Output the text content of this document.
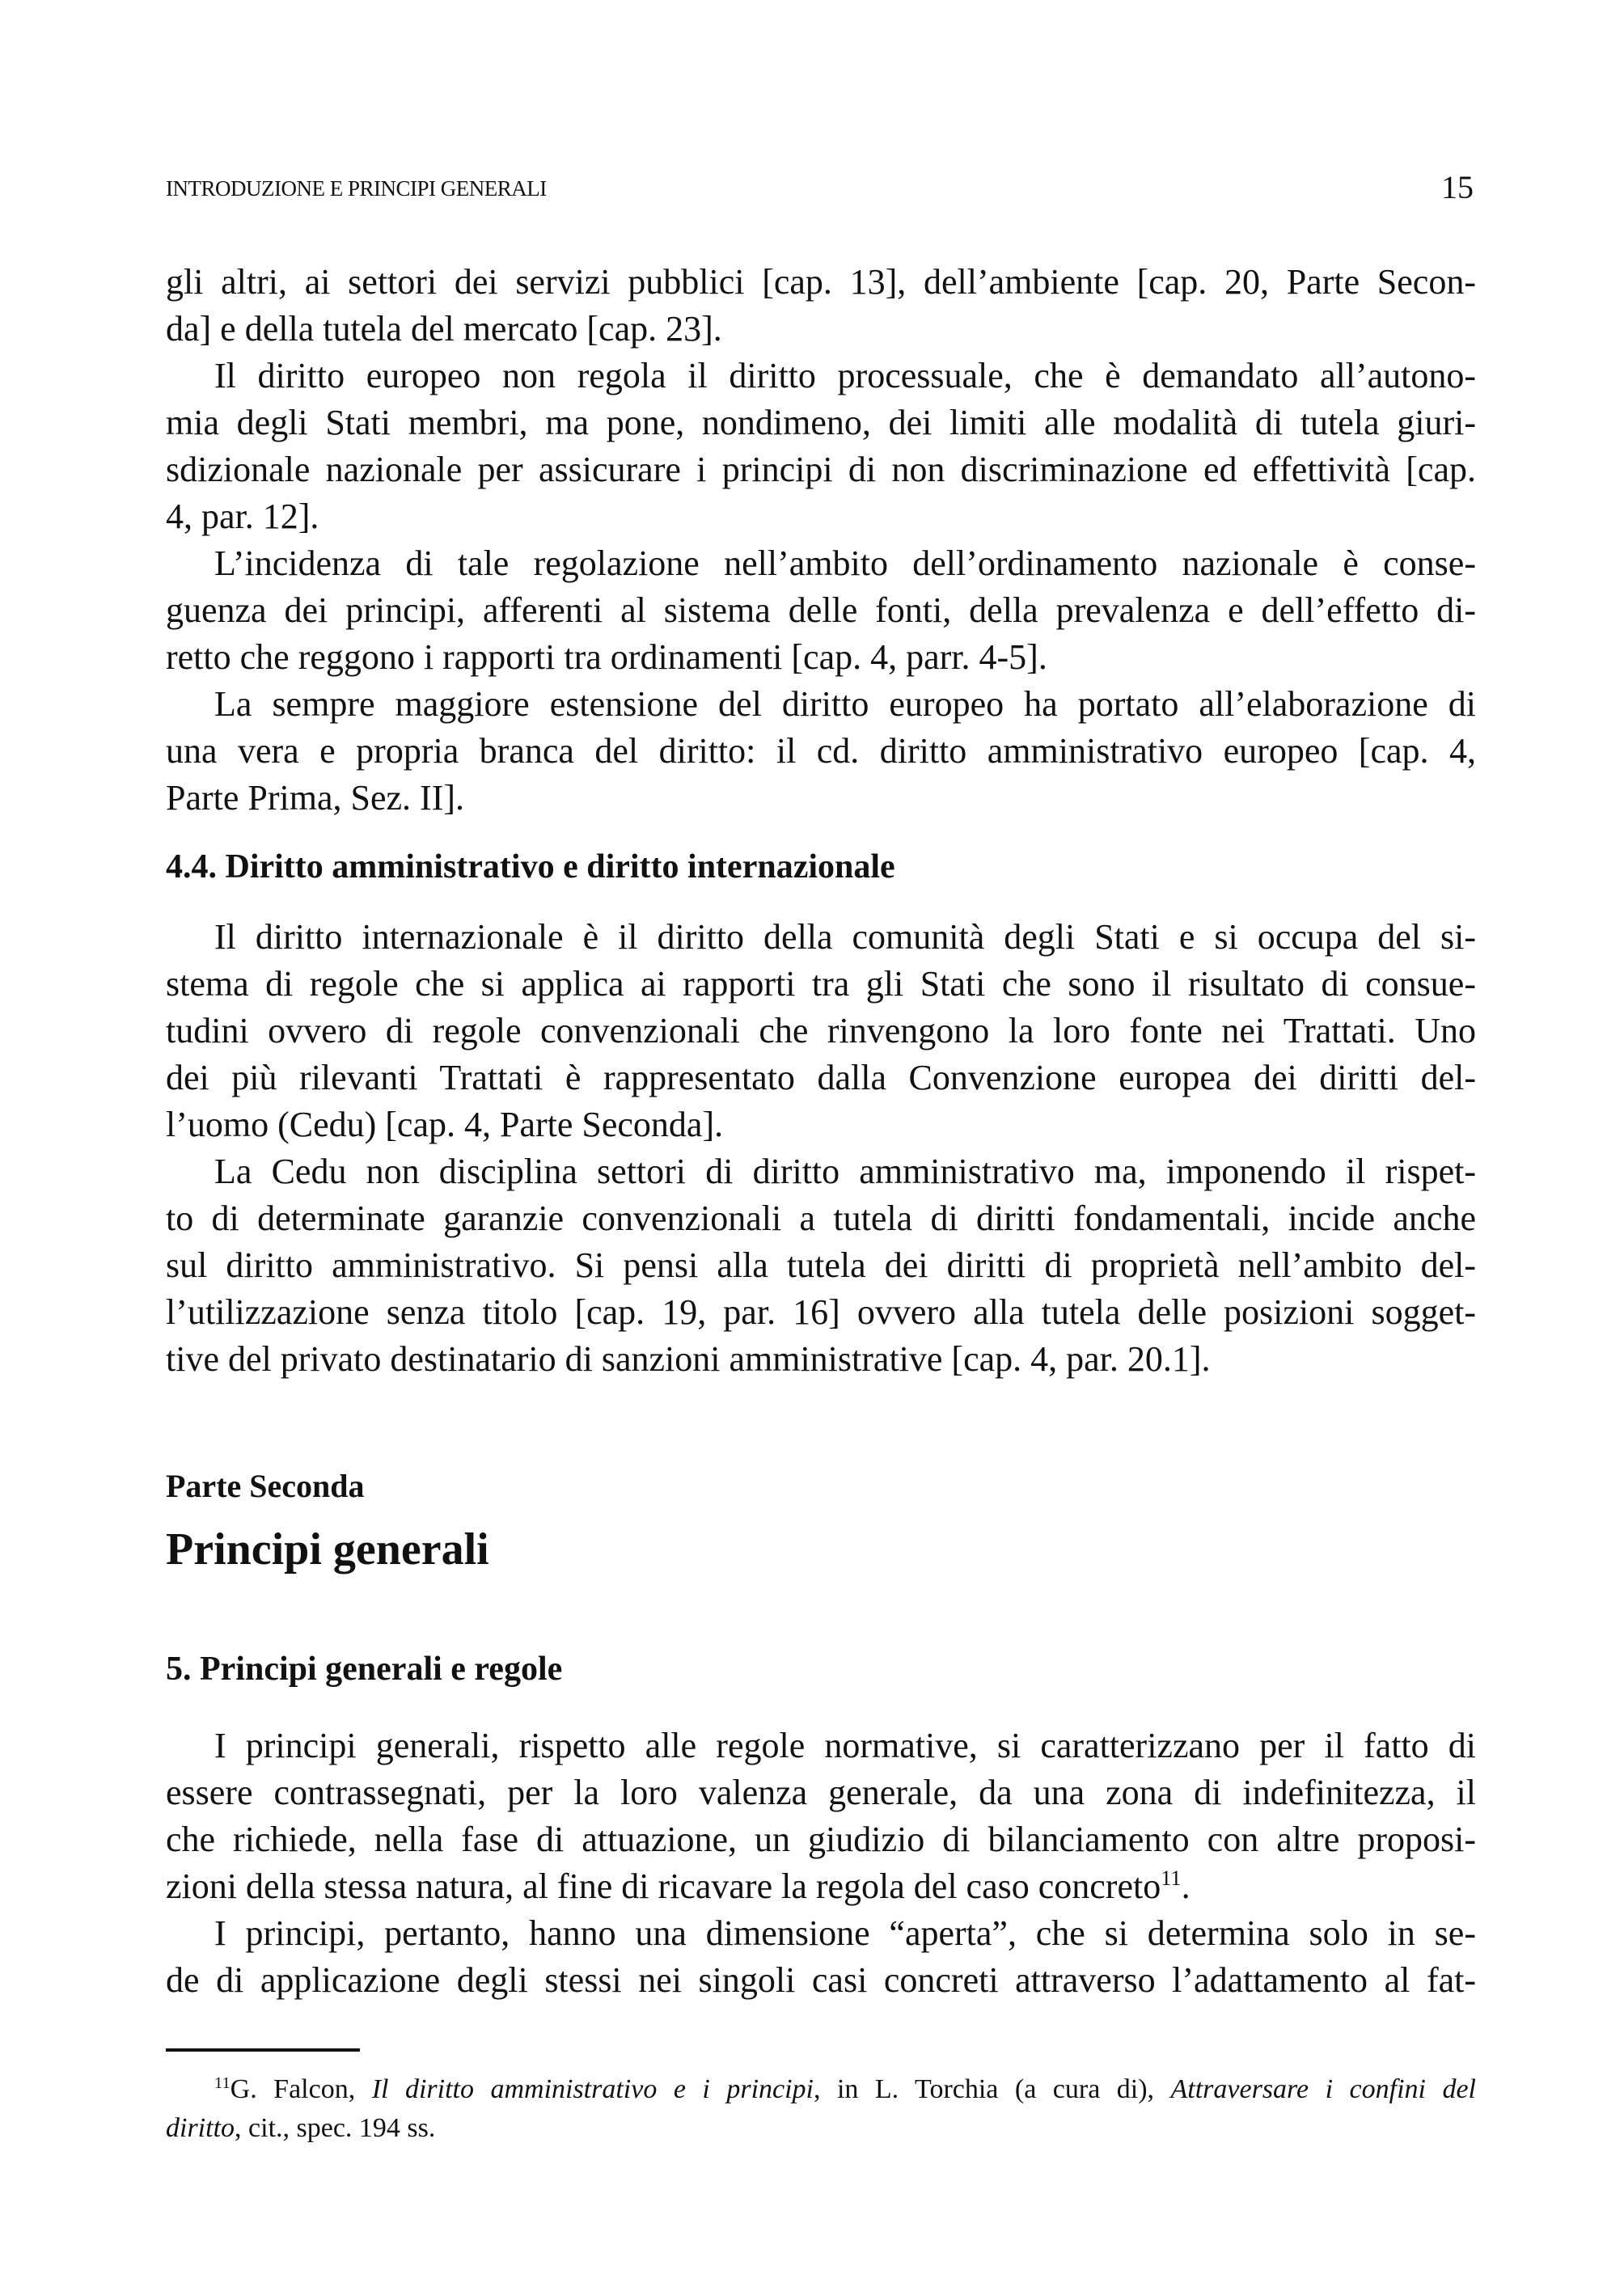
INTRODUZIONE E PRINCIPI GENERALI	15
gli altri, ai settori dei servizi pubblici [cap. 13], dell’ambiente [cap. 20, Parte Secon-
da] e della tutela del mercato [cap. 23].
Il diritto europeo non regola il diritto processuale, che è demandato all’autono-
mia degli Stati membri, ma pone, nondimeno, dei limiti alle modalità di tutela giuri-
sdizionale nazionale per assicurare i principi di non discriminazione ed effettività [cap.
4, par. 12].
L’incidenza di tale regolazione nell’ambito dell’ordinamento nazionale è conse-
guenza dei principi, afferenti al sistema delle fonti, della prevalenza e dell’effetto di-
retto che reggono i rapporti tra ordinamenti [cap. 4, parr. 4-5].
La sempre maggiore estensione del diritto europeo ha portato all’elaborazione di
una vera e propria branca del diritto: il cd. diritto amministrativo europeo [cap. 4,
Parte Prima, Sez. II].
4.4. Diritto amministrativo e diritto internazionale
Il diritto internazionale è il diritto della comunità degli Stati e si occupa del si-
stema di regole che si applica ai rapporti tra gli Stati che sono il risultato di consue-
tudini ovvero di regole convenzionali che rinvengono la loro fonte nei Trattati. Uno
dei più rilevanti Trattati è rappresentato dalla Convenzione europea dei diritti del-
l’uomo (Cedu) [cap. 4, Parte Seconda].
La Cedu non disciplina settori di diritto amministrativo ma, imponendo il rispet-
to di determinate garanzie convenzionali a tutela di diritti fondamentali, incide anche
sul diritto amministrativo. Si pensi alla tutela dei diritti di proprietà nell’ambito del-
l’utilizzazione senza titolo [cap. 19, par. 16] ovvero alla tutela delle posizioni sogget-
tive del privato destinatario di sanzioni amministrative [cap. 4, par. 20.1].
Parte Seconda
Principi generali
5. Principi generali e regole
I principi generali, rispetto alle regole normative, si caratterizzano per il fatto di
essere contrassegnati, per la loro valenza generale, da una zona di indefinitezza, il
che richiede, nella fase di attuazione, un giudizio di bilanciamento con altre proposi-
zioni della stessa natura, al fine di ricavare la regola del caso concreto$^{11}$.
I principi, pertanto, hanno una dimensione “aperta”, che si determina solo in se-
de di applicazione degli stessi nei singoli casi concreti attraverso l’adattamento al fat-
$^{11}$G. Falcon, Il diritto amministrativo e i principi, in L. Torchia (a cura di), Attraversare i confini del
diritto, cit., spec. 194 ss.
